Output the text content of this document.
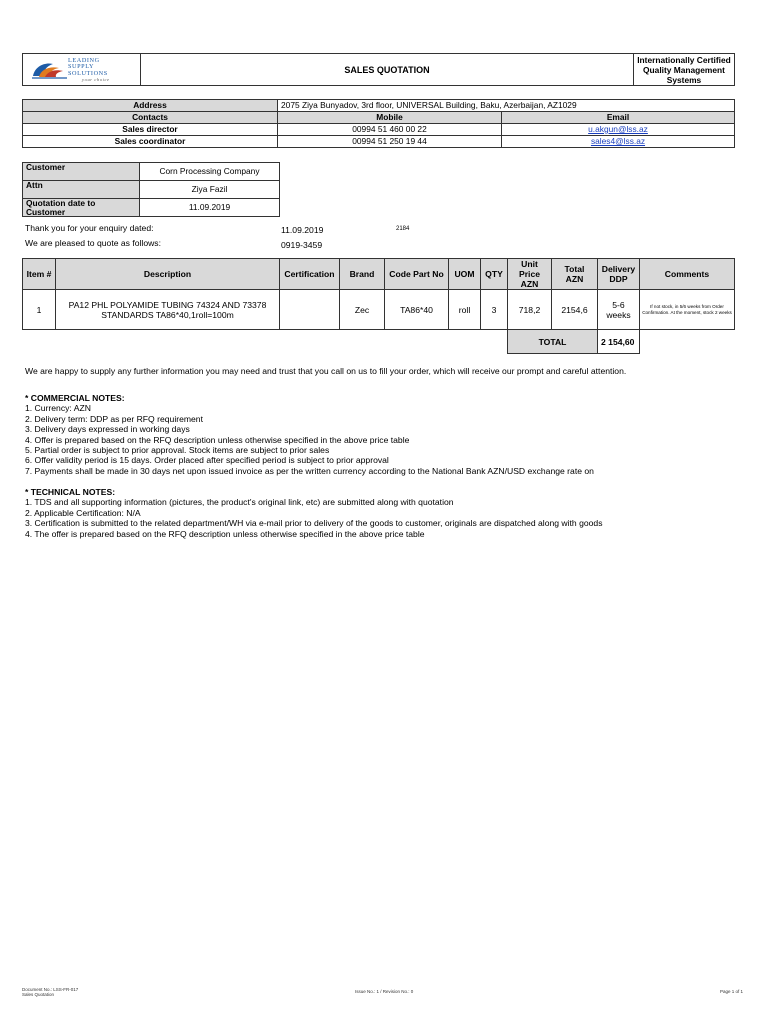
LEADING
SUPPLY
SOLUTIONS
your choice
SALES QUOTATION
Internationally Certified
Quality Management
Systems
Address	2075 Ziya Bunyadov, 3rd floor, UNIVERSAL Building, Baku, Azerbaijan, AZ1029	
Contacts	Mobile	Email
Sales director	00994 51 460 00 22	u.akgun@lss.az
Sales coordinator	00994 51 250 19 44	sales4@lss.az
Customer	Corn Processing Company
Attn	Ziya Fazil
Quotation date to Customer	11.09.2019
Thank you for your enquiry dated:	11.09.2019	2184
We are pleased to quote as follows:	0919-3459
Item #	Description	Certification	Brand	Code Part No	UOM	QTY	Unit Price AZN	Total AZN	Delivery DDP	Comments
1	PA12 PHL POLYAMIDE TUBING 74324 AND 73378 STANDARDS TA86*40,1roll=100m		Zec	TA86*40	roll	3	718,2	2154,6	5-6 weeks	If not stock, in 5/6 weeks from Order Confirmation. At the moment, stock 2 weeks
							TOTAL		2 154,60	
We are happy to supply any further information you may need and trust that you call on us to fill your order, which will receive our prompt and careful attention.
* COMMERCIAL NOTES:
1. Currency: AZN
2. Delivery term: DDP as per RFQ requirement
3. Delivery days expressed in working days
4. Offer is prepared based on the RFQ description unless otherwise specified in the above price table
5. Partial order is subject to prior approval. Stock items are subject to prior sales
6. Offer validity period is 15 days. Order placed after specified period is subject to prior approval
7. Payments shall be made in 30 days net upon issued invoice as per the written currency according to the National Bank AZN/USD exchange rate on
* TECHNICAL NOTES:
1. TDS and all supporting information (pictures, the product's original link, etc) are submitted along with quotation
2. Applicable Certification: N/A
3. Certification is submitted to the related department/WH via e-mail prior to delivery of the goods to customer, originals are dispatched along with goods
4. The offer is prepared based on the RFQ description unless otherwise specified in the above price table
Document No.: LSS-FR-017
Sales Quotation
Issue No.: 1 / Revision No.: 0	Page 1 of 1
